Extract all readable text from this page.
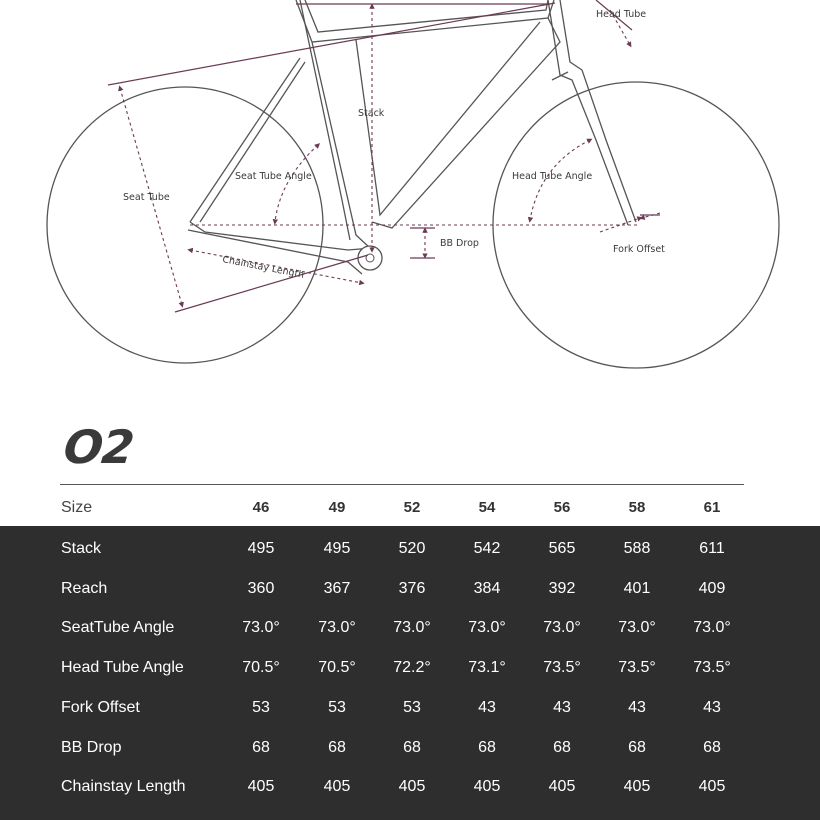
Head Tube
Stack
Seat Tube Angle	Head Tube Angle
Seat Tube
BB Drop
Fork Offset
Chainstay Length
O2
Size	46	49	52	54	56	58	61
Stack	495	495	520	542	565	588	611
Reach	360	367	376	384	392	401	409
SeatTube Angle	73.0°	73.0°	73.0°	73.0°	73.0°	73.0°	73.0°
Head Tube Angle	70.5°	70.5°	72.2°	73.1°	73.5°	73.5°	73.5°
Fork Offset	53	53	53	43	43	43	43
BB Drop	68	68	68	68	68	68	68
Chainstay Length	405	405	405	405	405	405	405
